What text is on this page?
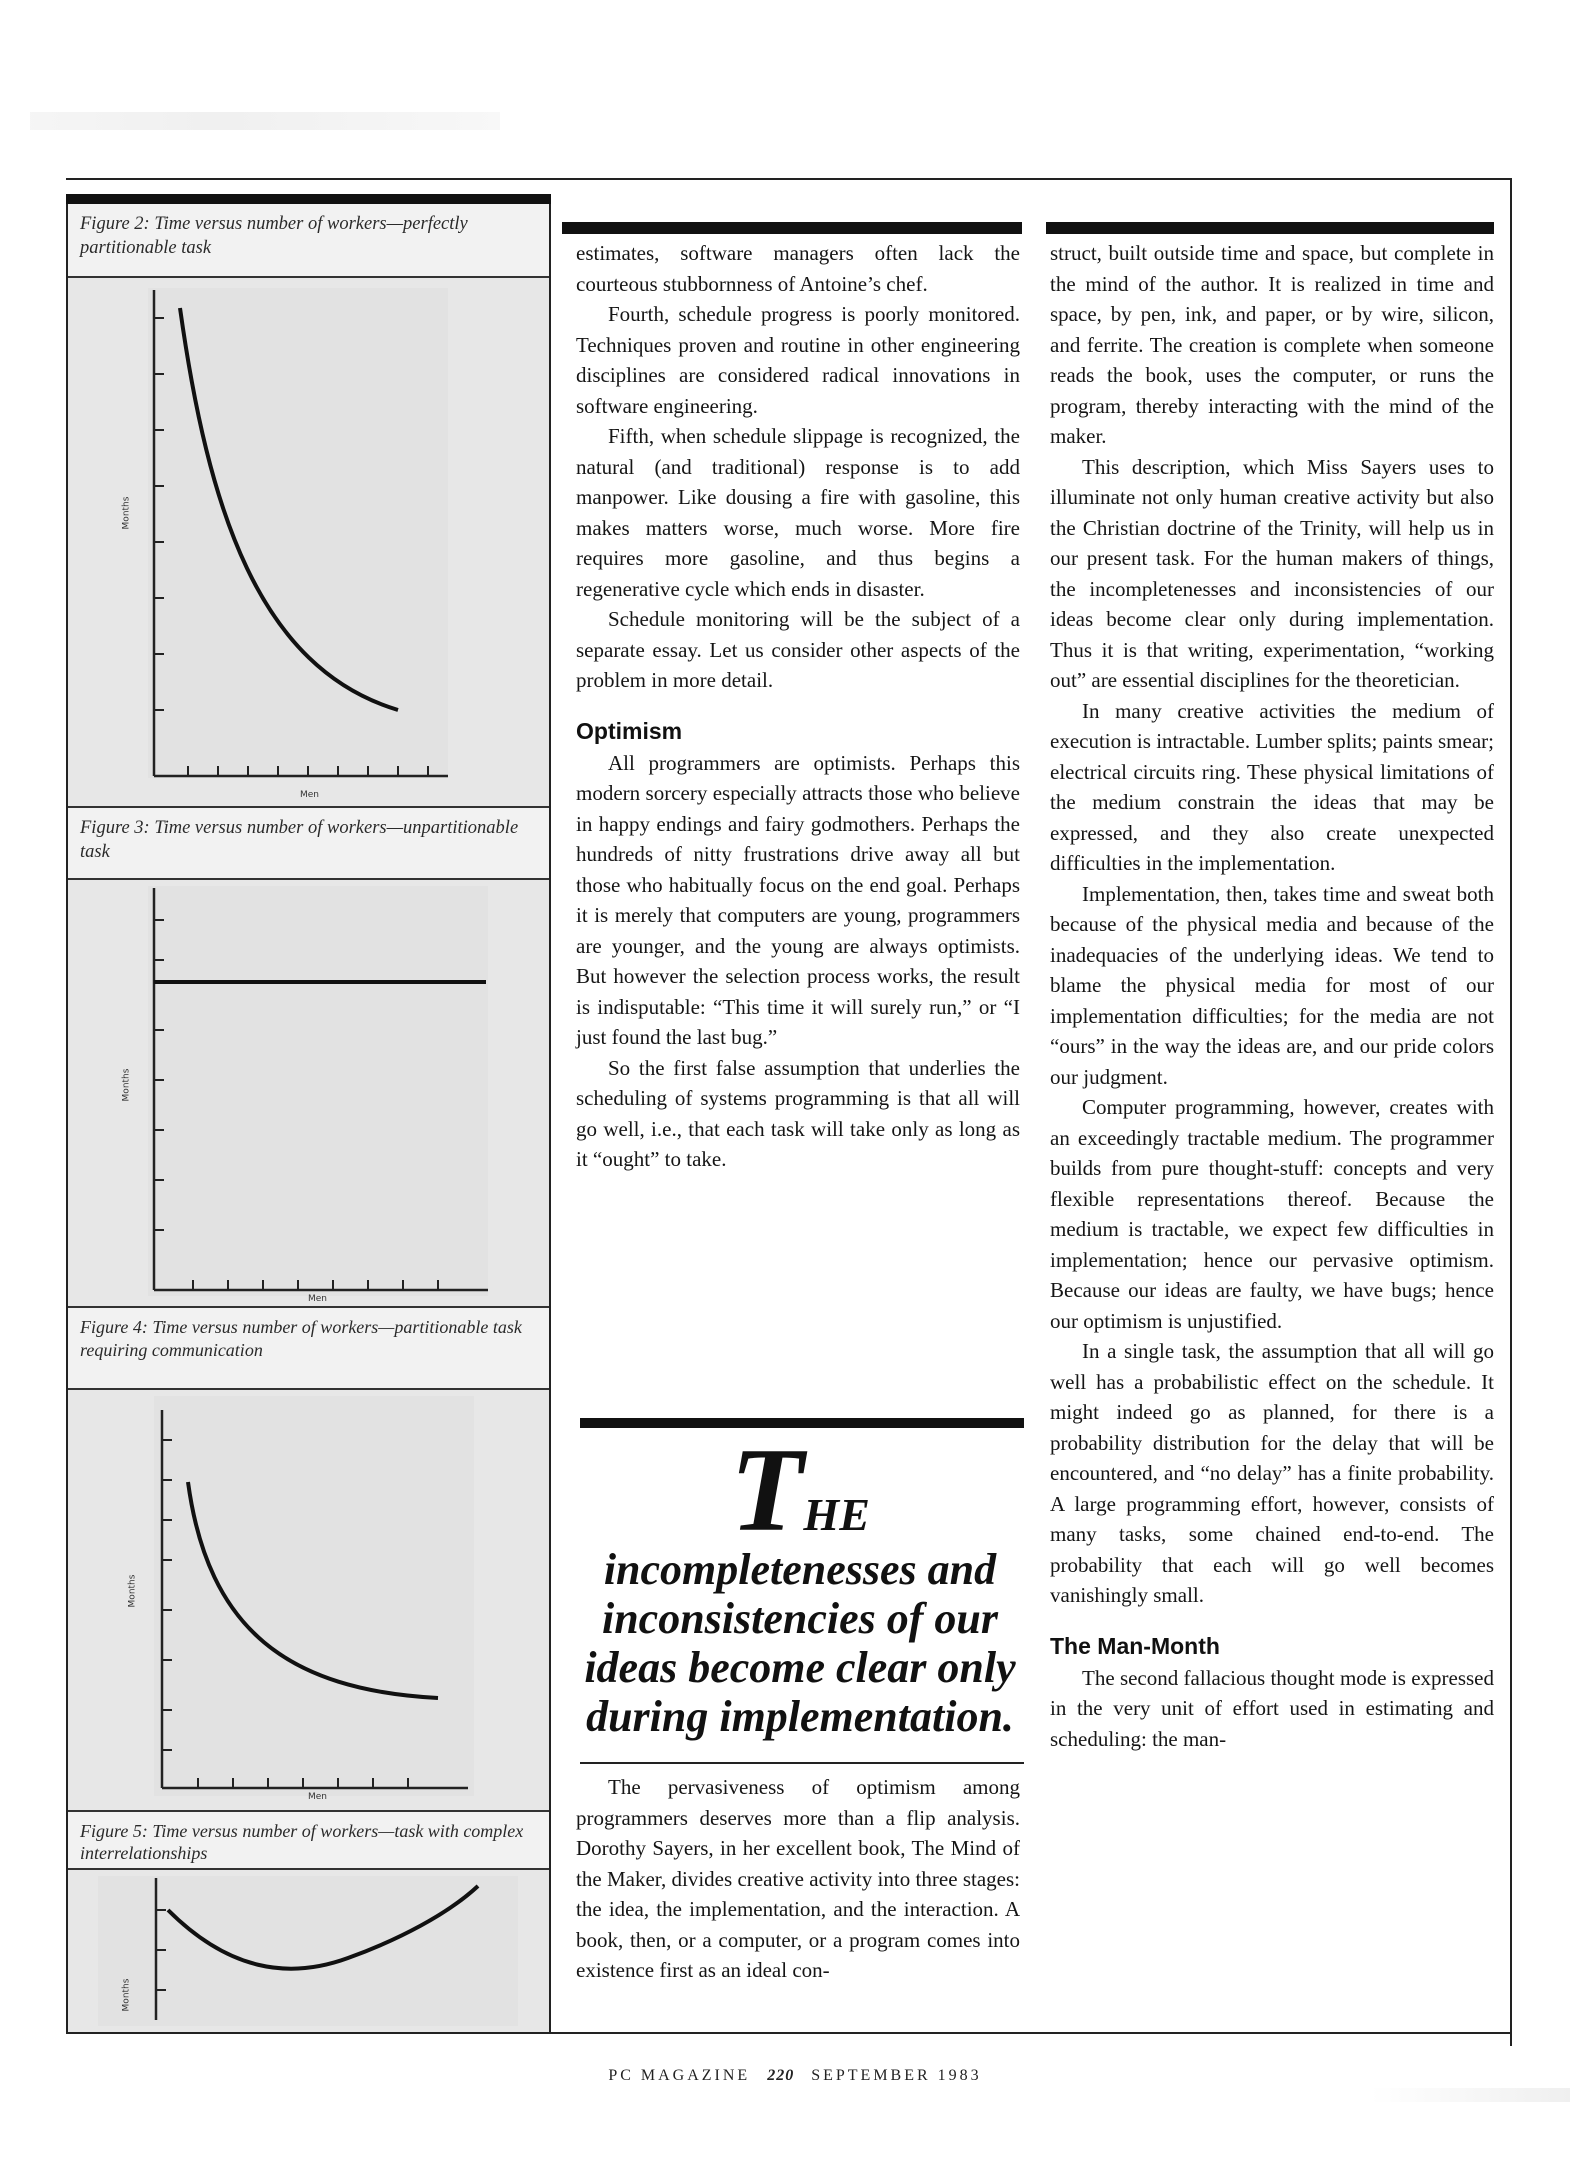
Figure 2: Time versus number of workers—perfectly partitionable task
Months
Men
Figure 3: Time versus number of workers—unpartitionable task
Months
Men
Figure 4: Time versus number of workers—partitionable task requiring communication
Months
Men
Figure 5: Time versus number of workers—task with complex interrelationships
Months

estimates, software managers often lack the courteous stubbornness of Antoine’s chef.

Fourth, schedule progress is poorly monitored. Techniques proven and routine in other engineering disciplines are considered radical innovations in software engineering.

Fifth, when schedule slippage is recognized, the natural (and traditional) response is to add manpower. Like dousing a fire with gasoline, this makes matters worse, much worse. More fire requires more gasoline, and thus begins a regenerative cycle which ends in disaster.

Schedule monitoring will be the subject of a separate essay. Let us consider other aspects of the problem in more detail.

Optimism

All programmers are optimists. Perhaps this modern sorcery especially attracts those who believe in happy endings and fairy godmothers. Perhaps the hundreds of nitty frustrations drive away all but those who habitually focus on the end goal. Perhaps it is merely that computers are young, programmers are younger, and the young are always optimists. But however the selection process works, the result is indisputable: “This time it will surely run,” or “I just found the last bug.”

So the first false assumption that underlies the scheduling of systems programming is that all will go well, i.e., that each task will take only as long as it “ought” to take.

THE
incompletenesses and inconsistencies of our ideas become clear only during implementation.

The pervasiveness of optimism among programmers deserves more than a flip analysis. Dorothy Sayers, in her excellent book, The Mind of the Maker, divides creative activity into three stages: the idea, the implementation, and the interaction. A book, then, or a computer, or a program comes into existence first as an ideal con-

struct, built outside time and space, but complete in the mind of the author. It is realized in time and space, by pen, ink, and paper, or by wire, silicon, and ferrite. The creation is complete when someone reads the book, uses the computer, or runs the program, thereby interacting with the mind of the maker.

This description, which Miss Sayers uses to illuminate not only human creative activity but also the Christian doctrine of the Trinity, will help us in our present task. For the human makers of things, the incompletenesses and inconsistencies of our ideas become clear only during implementation. Thus it is that writing, experimentation, “working out” are essential disciplines for the theoretician.

In many creative activities the medium of execution is intractable. Lumber splits; paints smear; electrical circuits ring. These physical limitations of the medium constrain the ideas that may be expressed, and they also create unexpected difficulties in the implementation.

Implementation, then, takes time and sweat both because of the physical media and because of the inadequacies of the underlying ideas. We tend to blame the physical media for most of our implementation difficulties; for the media are not “ours” in the way the ideas are, and our pride colors our judgment.

Computer programming, however, creates with an exceedingly tractable medium. The programmer builds from pure thought-stuff: concepts and very flexible representations thereof. Because the medium is tractable, we expect few difficulties in implementation; hence our pervasive optimism. Because our ideas are faulty, we have bugs; hence our optimism is unjustified.

In a single task, the assumption that all will go well has a probabilistic effect on the schedule. It might indeed go as planned, for there is a probability distribution for the delay that will be encountered, and “no delay” has a finite probability. A large programming effort, however, consists of many tasks, some chained end-to-end. The probability that each will go well becomes vanishingly small.

The Man-Month

The second fallacious thought mode is expressed in the very unit of effort used in estimating and scheduling: the man-

PC MAGAZINE 220 SEPTEMBER 1983
